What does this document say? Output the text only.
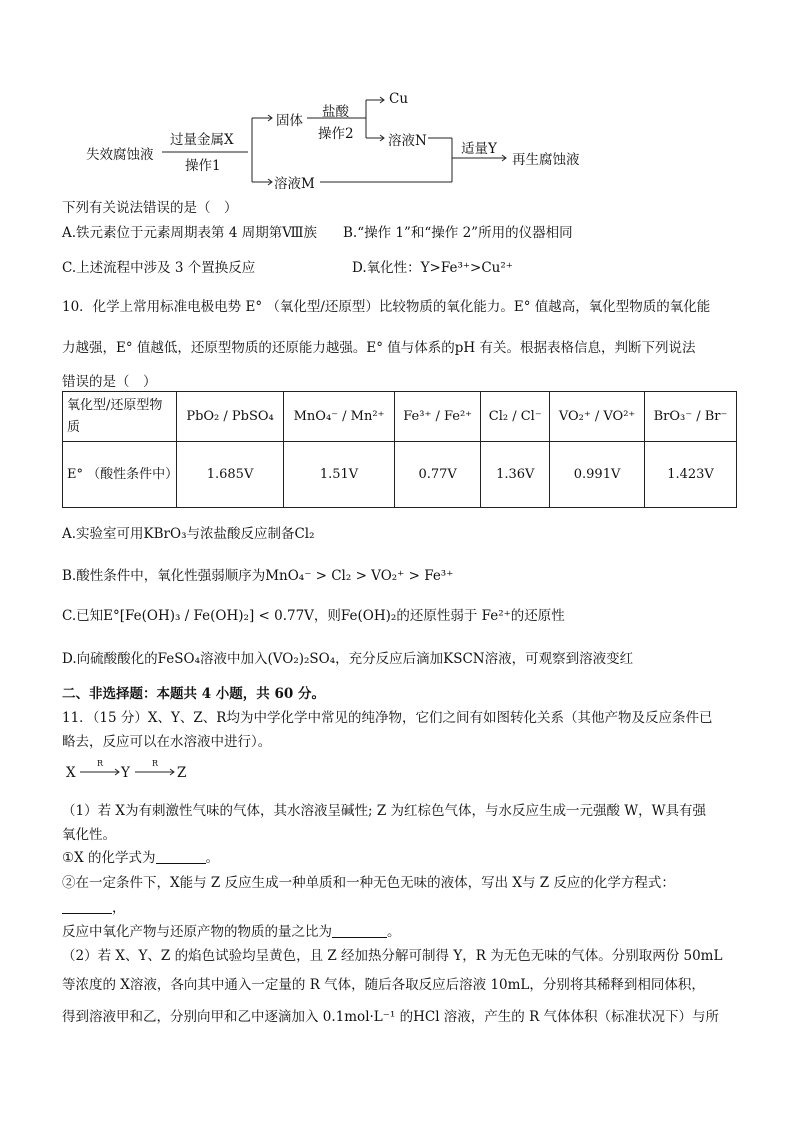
失效腐蚀液
过量金属X
操作1
固体
盐酸
操作2
Cu
溶液N
溶液M
适量Y
再生腐蚀液
下列有关说法错误的是（　）
A.铁元素位于元素周期表第 4 周期第Ⅷ族 B.“操作 1”和“操作 2”所用的仪器相同
C.上述流程中涉及 3 个置换反应	D.氧化性：Y>Fe³⁺>Cu²⁺
10．化学上常用标准电极电势 E° （氧化型/还原型）比较物质的氧化能力。E° 值越高，氧化型物质的氧化能
力越强，E° 值越低，还原型物质的还原能力越强。E° 值与体系的pH 有关。根据表格信息，判断下列说法
错误的是（　）
氧化型/还原型物质	PbO₂ / PbSO₄	MnO₄⁻ / Mn²⁺	Fe³⁺ / Fe²⁺	Cl₂ / Cl⁻	VO₂⁺ / VO²⁺	BrO₃⁻ / Br⁻
E° （酸性条件中）	1.685V	1.51V	0.77V	1.36V	0.991V	1.423V
A.实验室可用KBrO₃与浓盐酸反应制备Cl₂
B.酸性条件中，氧化性强弱顺序为MnO₄⁻ > Cl₂ > VO₂⁺ > Fe³⁺
C.已知E°[Fe(OH)₃ / Fe(OH)₂] < 0.77V，则Fe(OH)₂的还原性弱于 Fe²⁺的还原性
D.向硫酸酸化的FeSO₄溶液中加入(VO₂)₂SO₄，充分反应后滴加KSCN溶液，可观察到溶液变红
二、非选择题：本题共 4 小题，共 60 分。
11．（15 分）X、Y、Z、R均为中学化学中常见的纯净物，它们之间有如图转化关系（其他产物及反应条件已
略去，反应可以在水溶液中进行）。
X
R
Y
R
Z
（1）若 X为有刺激性气味的气体，其水溶液呈碱性; Z 为红棕色气体，与水反应生成一元强酸 W，W具有强
氧化性。
①X 的化学式为	。
②在一定条件下，X能与 Z 反应生成一种单质和一种无色无味的液体，写出 X与 Z 反应的化学方程式：
，
反应中氧化产物与还原产物的物质的量之比为	。
（2）若 X、Y、Z 的焰色试验均呈黄色，且 Z 经加热分解可制得 Y，R 为无色无味的气体。分别取两份 50mL
等浓度的 X溶液，各向其中通入一定量的 R 气体，随后各取反应后溶液 10mL，分别将其稀释到相同体积，
得到溶液甲和乙，分别向甲和乙中逐滴加入 0.1mol·L⁻¹ 的HCl 溶液，产生的 R 气体体积（标准状况下）与所
